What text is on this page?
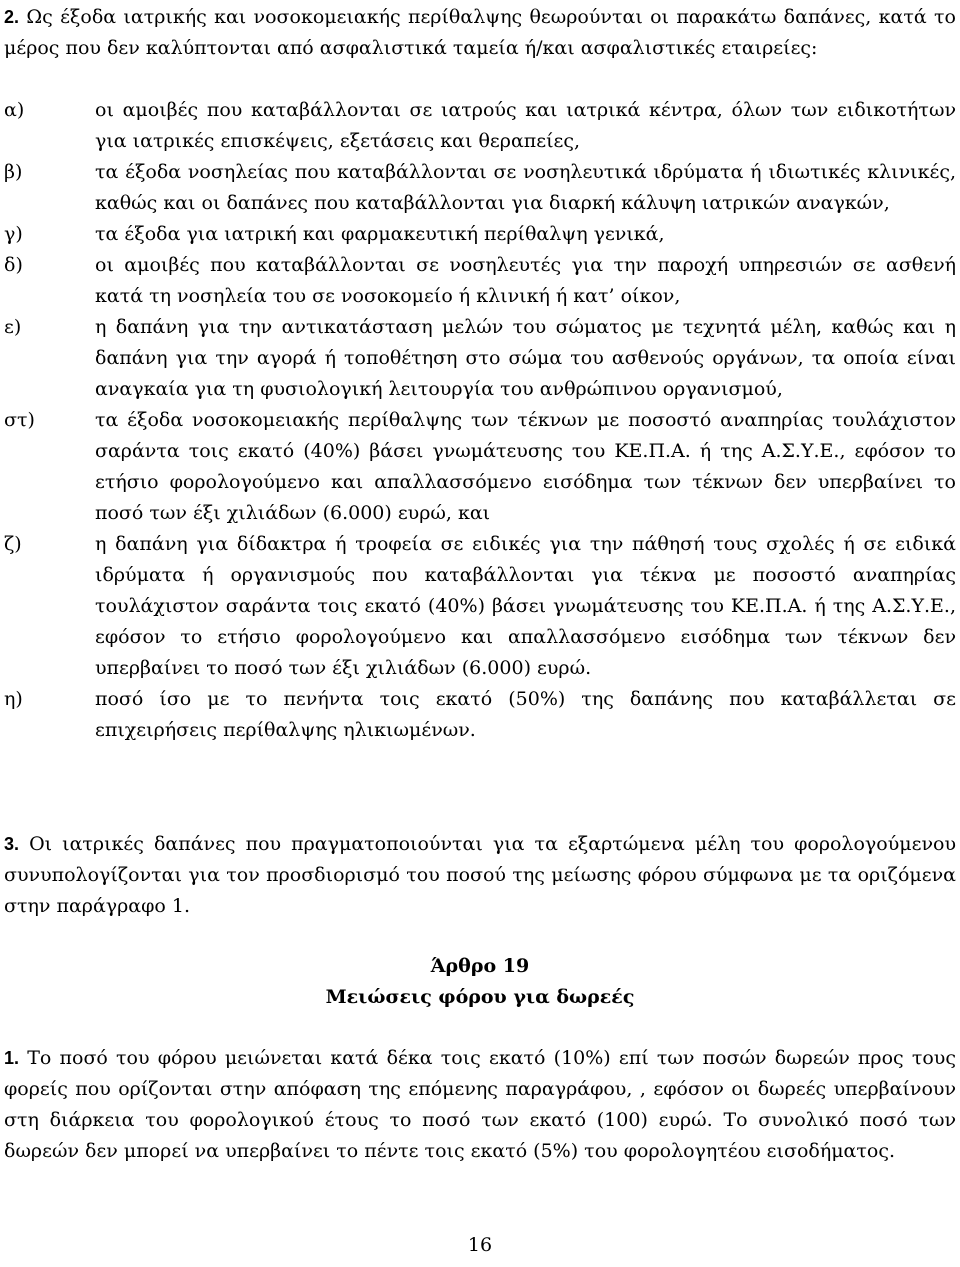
2. Ως έξοδα ιατρικής και νοσοκομειακής περίθαλψης θεωρούνται οι παρακάτω δαπάνες, κατά το μέρος που δεν καλύπτονται από ασφαλιστικά ταμεία ή/και ασφαλιστικές εταιρείες:
α)	οι αμοιβές που καταβάλλονται σε ιατρούς και ιατρικά κέντρα, όλων των ειδικοτήτων για ιατρικές επισκέψεις, εξετάσεις και θεραπείες,
β)	τα έξοδα νοσηλείας που καταβάλλονται σε νοσηλευτικά ιδρύματα ή ιδιωτικές κλινικές, καθώς και οι δαπάνες που καταβάλλονται για διαρκή κάλυψη ιατρικών αναγκών,
γ)	τα έξοδα για ιατρική και φαρμακευτική περίθαλψη γενικά,
δ)	οι αμοιβές που καταβάλλονται σε νοσηλευτές για την παροχή υπηρεσιών σε ασθενή κατά τη νοσηλεία του σε νοσοκομείο ή κλινική ή κατ’ οίκον,
ε)	η δαπάνη για την αντικατάσταση μελών του σώματος με τεχνητά μέλη, καθώς και η δαπάνη για την αγορά ή τοποθέτηση στο σώμα του ασθενούς οργάνων, τα οποία είναι αναγκαία για τη φυσιολογική λειτουργία του ανθρώπινου οργανισμού,
στ)	τα έξοδα νοσοκομειακής περίθαλψης των τέκνων με ποσοστό αναπηρίας τουλάχιστον σαράντα τοις εκατό (40%) βάσει γνωμάτευσης του ΚΕ.Π.Α. ή της Α.Σ.Υ.Ε., εφόσον το ετήσιο φορολογούμενο και απαλλασσόμενο εισόδημα των τέκνων δεν υπερβαίνει το ποσό των έξι χιλιάδων (6.000) ευρώ, και
ζ)	η δαπάνη για δίδακτρα ή τροφεία σε ειδικές για την πάθησή τους σχολές ή σε ειδικά ιδρύματα ή οργανισμούς που καταβάλλονται για τέκνα με ποσοστό αναπηρίας τουλάχιστον σαράντα τοις εκατό (40%) βάσει γνωμάτευσης του ΚΕ.Π.Α. ή της Α.Σ.Υ.Ε., εφόσον το ετήσιο φορολογούμενο και απαλλασσόμενο εισόδημα των τέκνων δεν υπερβαίνει το ποσό των έξι χιλιάδων (6.000) ευρώ.
η)	ποσό ίσο με το πενήντα τοις εκατό (50%) της δαπάνης που καταβάλλεται σε επιχειρήσεις περίθαλψης ηλικιωμένων.
3. Οι ιατρικές δαπάνες που πραγματοποιούνται για τα εξαρτώμενα μέλη του φορολογούμενου συνυπολογίζονται για τον προσδιορισμό του ποσού της μείωσης φόρου σύμφωνα με τα οριζόμενα στην παράγραφο 1.
Άρθρο 19
Μειώσεις φόρου για δωρεές
1. Το ποσό του φόρου μειώνεται κατά δέκα τοις εκατό (10%) επί των ποσών δωρεών προς τους φορείς που ορίζονται στην απόφαση της επόμενης παραγράφου, , εφόσον οι δωρεές υπερβαίνουν στη διάρκεια του φορολογικού έτους το ποσό των εκατό (100) ευρώ. Το συνολικό ποσό των δωρεών δεν μπορεί να υπερβαίνει το πέντε τοις εκατό (5%) του φορολογητέου εισοδήματος.
16
